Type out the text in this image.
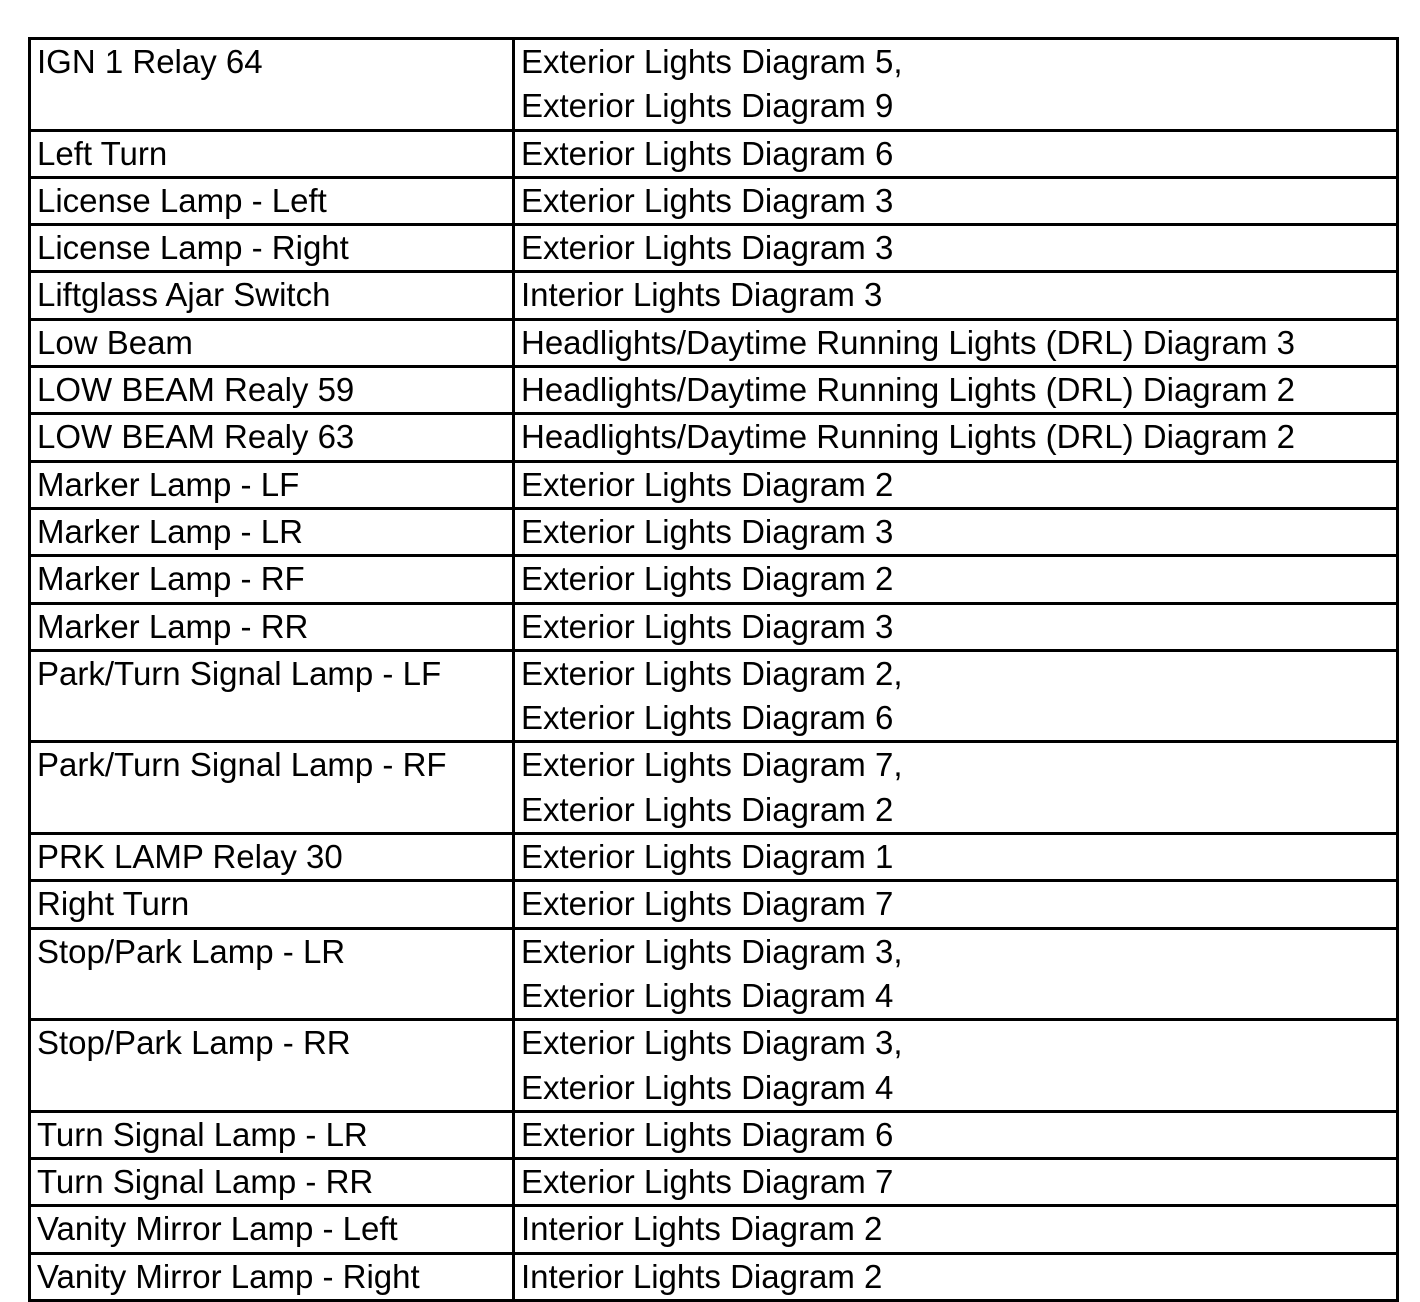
IGN 1 Relay 64	Exterior Lights Diagram 5,
Exterior Lights Diagram 9

Left Turn	Exterior Lights Diagram 6

License Lamp - Left	Exterior Lights Diagram 3

License Lamp - Right	Exterior Lights Diagram 3

Liftglass Ajar Switch	Interior Lights Diagram 3

Low Beam	Headlights/Daytime Running Lights (DRL) Diagram 3

LOW BEAM Realy 59	Headlights/Daytime Running Lights (DRL) Diagram 2

LOW BEAM Realy 63	Headlights/Daytime Running Lights (DRL) Diagram 2

Marker Lamp - LF	Exterior Lights Diagram 2

Marker Lamp - LR	Exterior Lights Diagram 3

Marker Lamp - RF	Exterior Lights Diagram 2

Marker Lamp - RR	Exterior Lights Diagram 3

Park/Turn Signal Lamp - LF	Exterior Lights Diagram 2,
Exterior Lights Diagram 6

Park/Turn Signal Lamp - RF	Exterior Lights Diagram 7,
Exterior Lights Diagram 2

PRK LAMP Relay 30	Exterior Lights Diagram 1

Right Turn	Exterior Lights Diagram 7

Stop/Park Lamp - LR	Exterior Lights Diagram 3,
Exterior Lights Diagram 4

Stop/Park Lamp - RR	Exterior Lights Diagram 3,
Exterior Lights Diagram 4

Turn Signal Lamp - LR	Exterior Lights Diagram 6

Turn Signal Lamp - RR	Exterior Lights Diagram 7

Vanity Mirror Lamp - Left	Interior Lights Diagram 2

Vanity Mirror Lamp - Right	Interior Lights Diagram 2
